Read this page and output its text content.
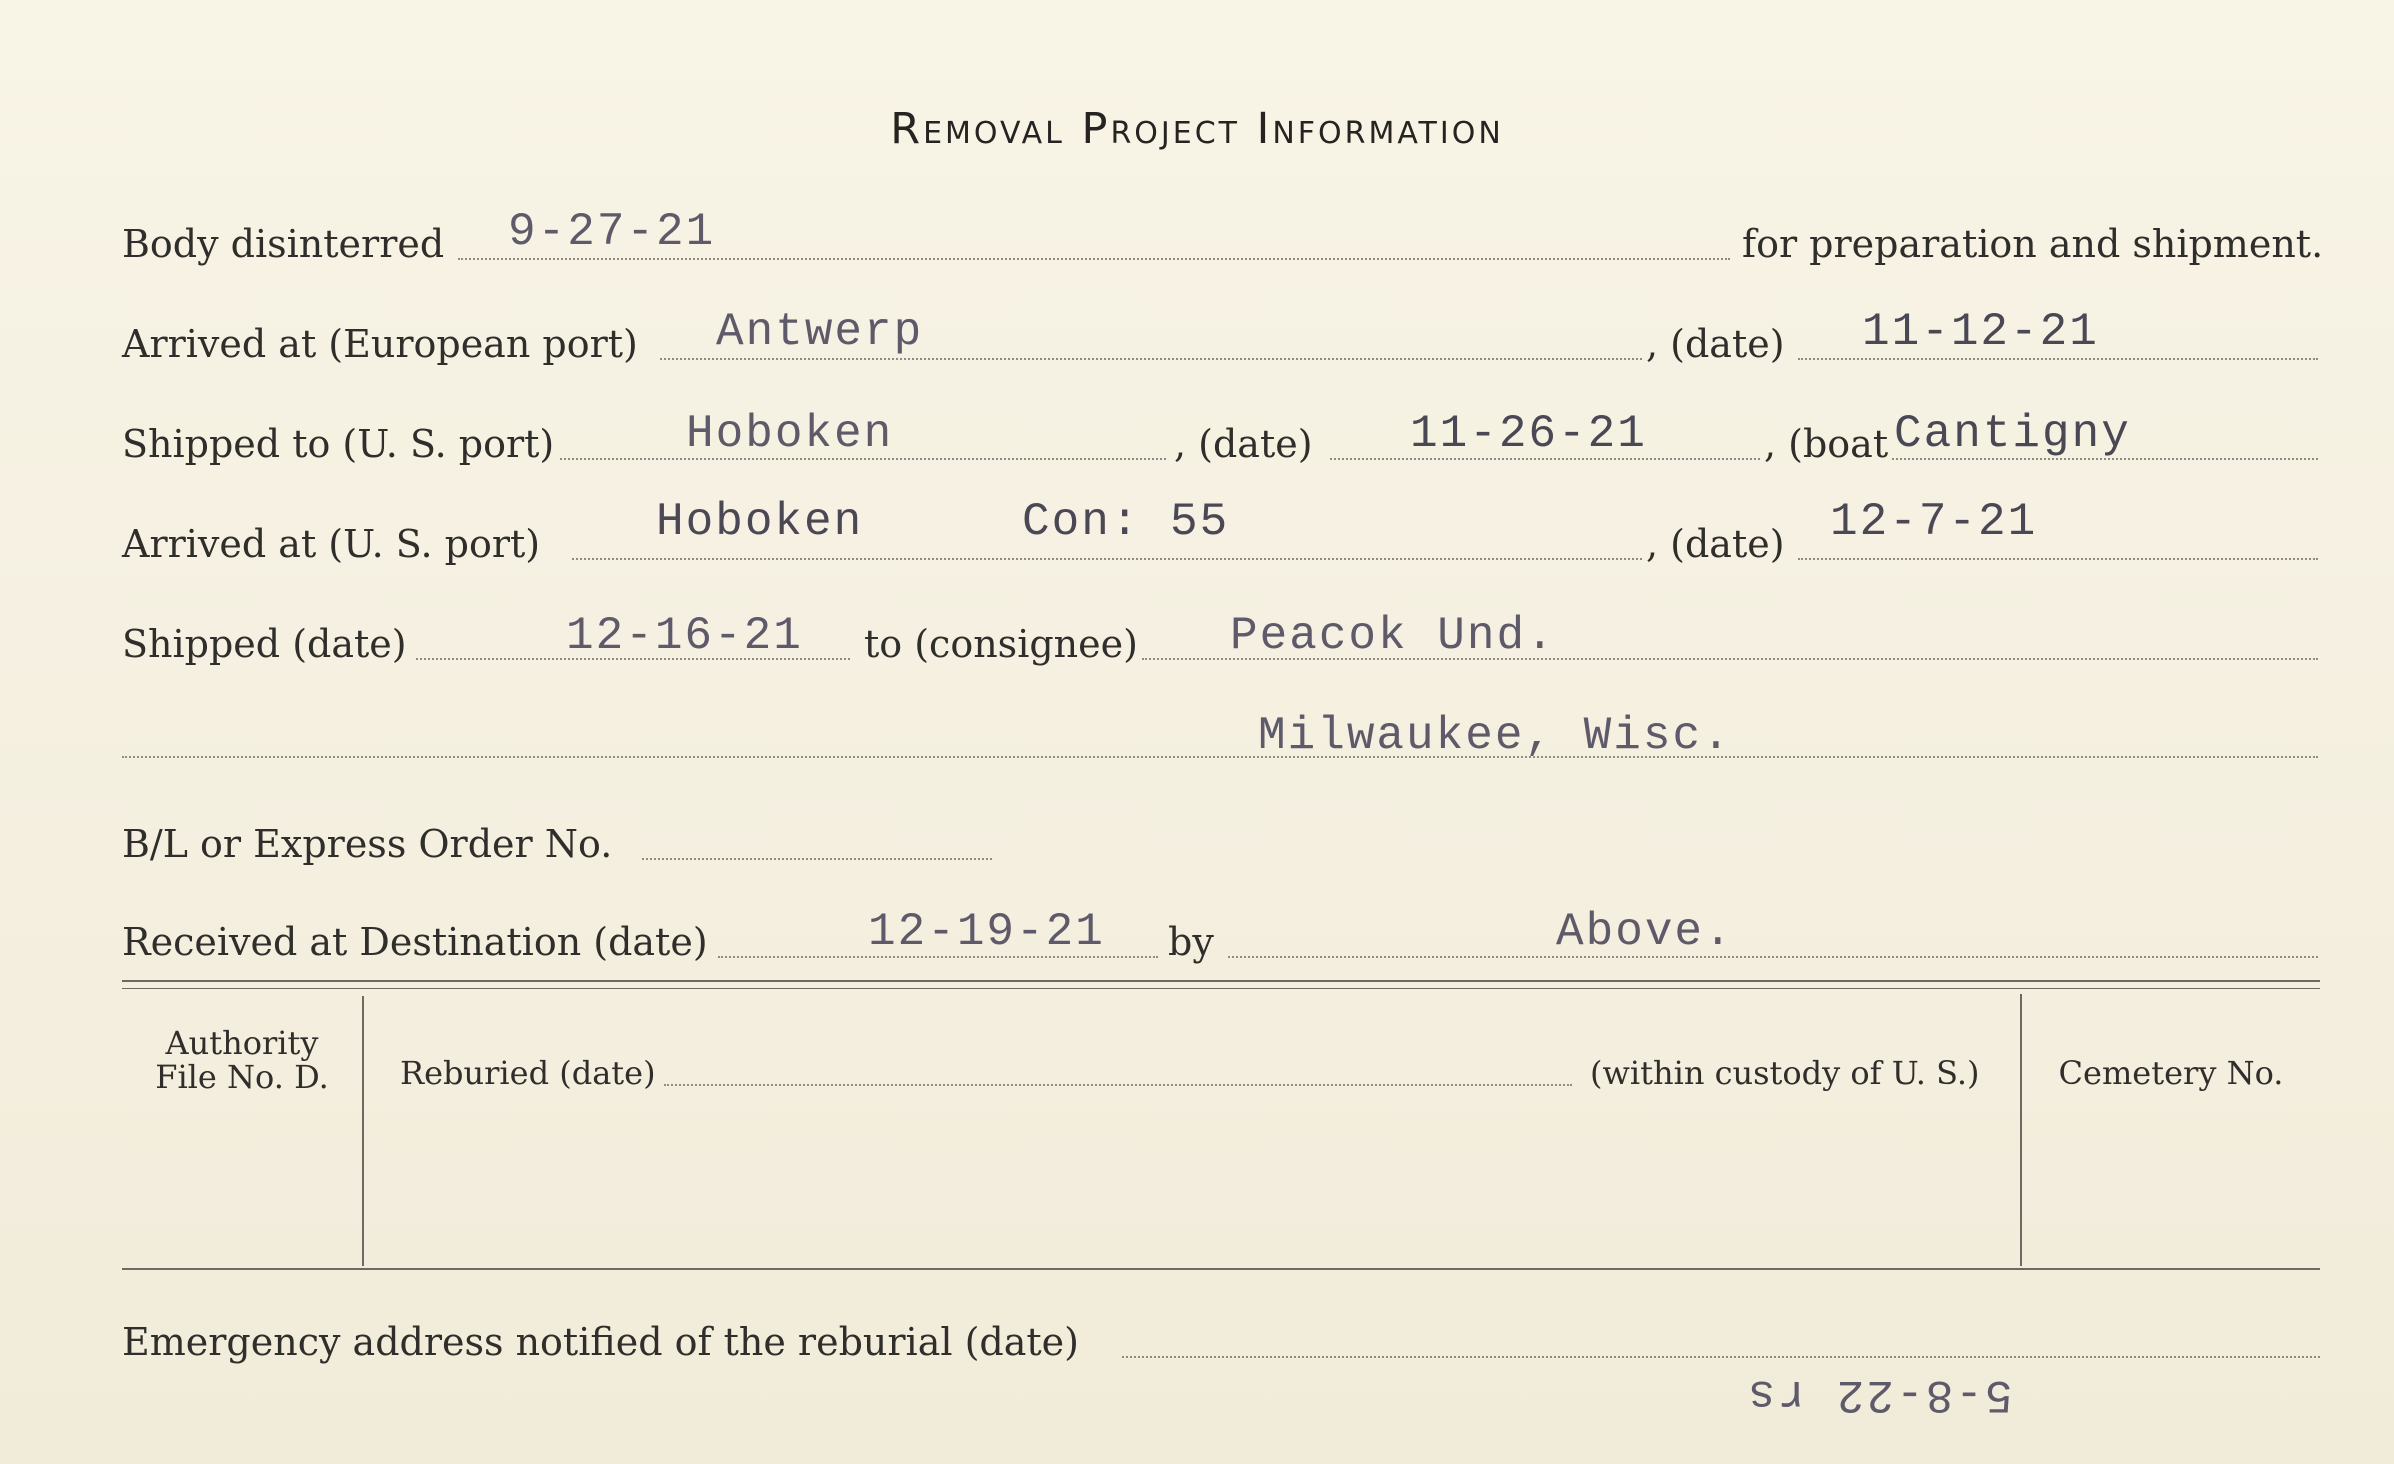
Removal Project Information
Body disinterred 9-27-21	for preparation and shipment.
Arrived at (European port) Antwerp	, (date) 11-12-21
Shipped to (U. S. port)	Hoboken	, (date) 11-26-21	, (boat Cantigny
Arrived at (U. S. port)	Hoboken	Con: 55	, (date) 12-7-21
Shipped (date)	12-16-21 to (consignee) Peacok Und.
Milwaukee, Wisc.
B/L or Express Order No.
Received at Destination (date)	12-19-21 by	Above.
Authority
File No. D.	Reburied (date)	(within custody of U. S.)	Cemetery No.
Emergency address notified of the reburial (date)
5-8-22 rs
